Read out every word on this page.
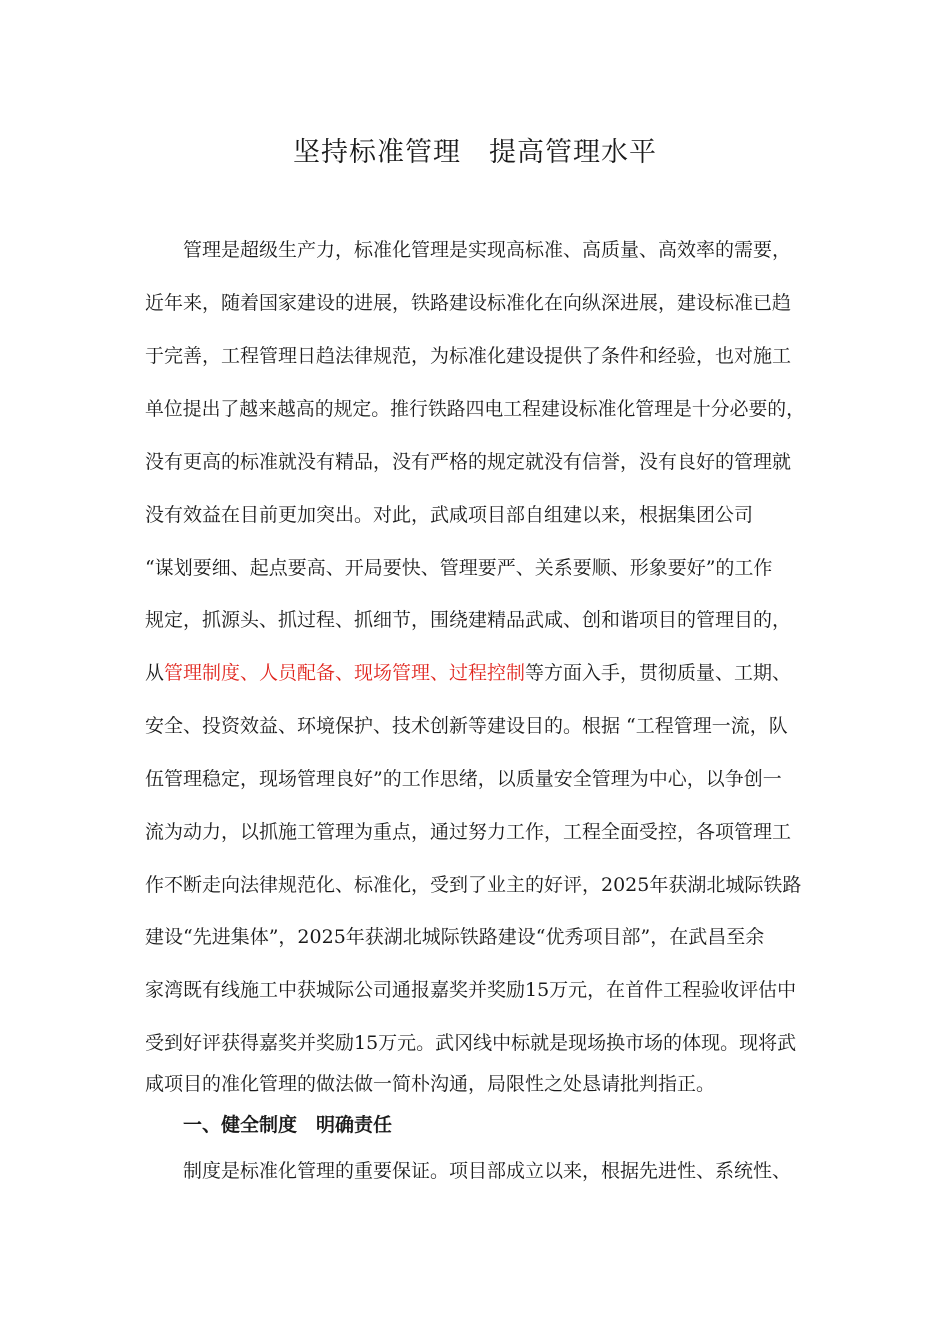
坚持标准管理　提高管理水平

管理是超级生产力，标准化管理是实现高标准、高质量、高效率的需要，

近年来，随着国家建设的进展，铁路建设标准化在向纵深进展，建设标准已趋

于完善，工程管理日趋法律规范，为标准化建设提供了条件和经验，也对施工

单位提出了越来越高的规定。推行铁路四电工程建设标准化管理是十分必要的，

没有更高的标准就没有精品，没有严格的规定就没有信誉，没有良好的管理就

没有效益在目前更加突出。对此，武咸项目部自组建以来，根据集团公司

“谋划要细、起点要高、开局要快、管理要严、关系要顺、形象要好”的工作

规定，抓源头、抓过程、抓细节，围绕建精品武咸、创和谐项目的管理目的，

从管理制度、人员配备、现场管理、过程控制等方面入手，贯彻质量、工期、

安全、投资效益、环境保护、技术创新等建设目的。根据 “工程管理一流，队

伍管理稳定，现场管理良好”的工作思绪，以质量安全管理为中心，以争创一

流为动力，以抓施工管理为重点，通过努力工作，工程全面受控，各项管理工

作不断走向法律规范化、标准化，受到了业主的好评，2025年获湖北城际铁路

建设“先进集体”，2025年获湖北城际铁路建设“优秀项目部”，在武昌至余

家湾既有线施工中获城际公司通报嘉奖并奖励15万元，在首件工程验收评估中

受到好评获得嘉奖并奖励15万元。武冈线中标就是现场换市场的体现。现将武

咸项目的准化管理的做法做一简朴沟通，局限性之处恳请批判指正。

一、健全制度　明确责任

制度是标准化管理的重要保证。项目部成立以来，根据先进性、系统性、
